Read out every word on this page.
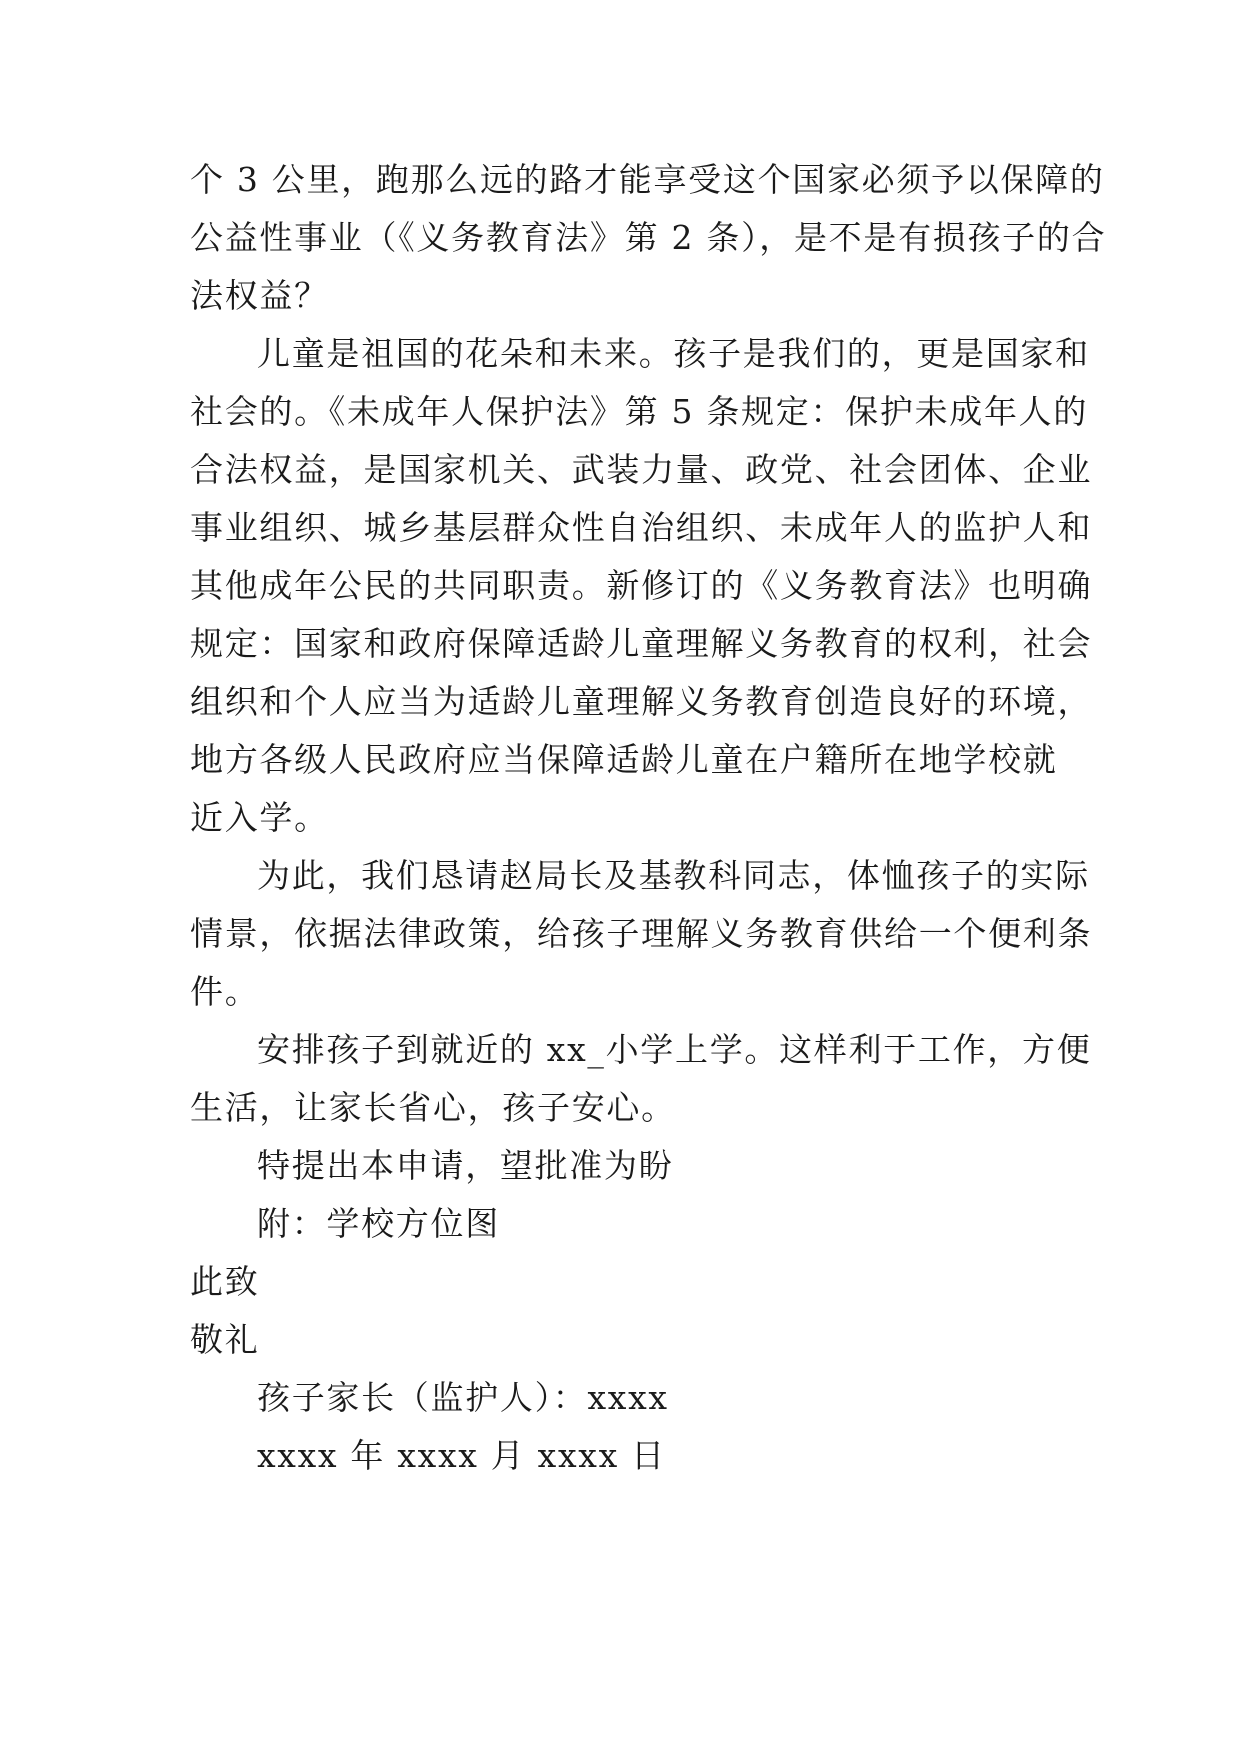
个 3 公里，跑那么远的路才能享受这个国家必须予以保障的
公益性事业（《义务教育法》第 2 条），是不是有损孩子的合
法权益？
儿童是祖国的花朵和未来。孩子是我们的，更是国家和
社会的。《未成年人保护法》第 5 条规定：保护未成年人的
合法权益，是国家机关、武装力量、政党、社会团体、企业
事业组织、城乡基层群众性自治组织、未成年人的监护人和
其他成年公民的共同职责。新修订的《义务教育法》也明确
规定：国家和政府保障适龄儿童理解义务教育的权利，社会
组织和个人应当为适龄儿童理解义务教育创造良好的环境，
地方各级人民政府应当保障适龄儿童在户籍所在地学校就
近入学。
为此，我们恳请赵局长及基教科同志，体恤孩子的实际
情景，依据法律政策，给孩子理解义务教育供给一个便利条
件。
安排孩子到就近的 xx_小学上学。这样利于工作，方便
生活，让家长省心，孩子安心。
特提出本申请，望批准为盼
附：学校方位图
此致
敬礼
孩子家长（监护人）：xxxx
xxxx 年 xxxx 月 xxxx 日
